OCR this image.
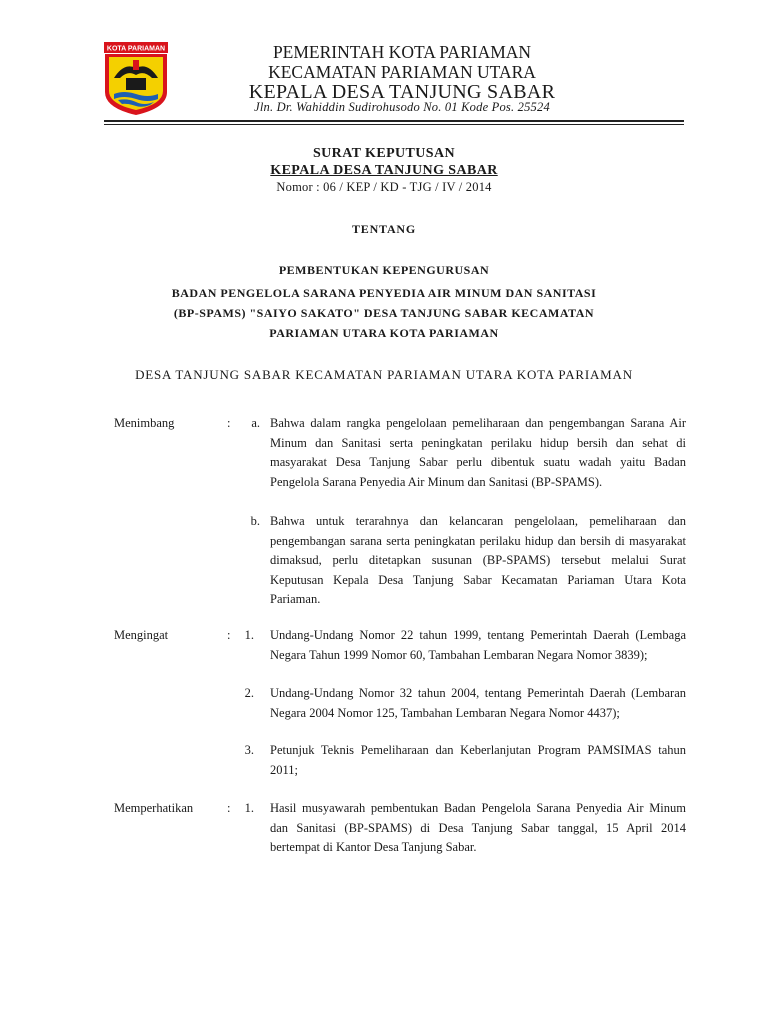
KOTA PARIAMAN	PEMERINTAH KOTA PARIAMAN
KECAMATAN PARIAMAN UTARA
KEPALA DESA TANJUNG SABAR
Jln. Dr. Wahiddin Sudirohusodo No. 01 Kode Pos. 25524
SURAT KEPUTUSAN
KEPALA DESA TANJUNG SABAR
Nomor : 06 / KEP / KD - TJG / IV / 2014
TENTANG
PEMBENTUKAN KEPENGURUSAN
BADAN PENGELOLA SARANA PENYEDIA AIR MINUM DAN SANITASI
(BP-SPAMS) "SAIYO SAKATO" DESA TANJUNG SABAR KECAMATAN
PARIAMAN UTARA KOTA PARIAMAN
DESA TANJUNG SABAR KECAMATAN PARIAMAN UTARA KOTA PARIAMAN
Menimbang	:	a. Bahwa dalam rangka pengelolaan pemeliharaan dan pengembangan Sarana Air Minum dan Sanitasi serta peningkatan perilaku hidup bersih dan sehat di masyarakat Desa Tanjung Sabar perlu dibentuk suatu wadah yaitu Badan Pengelola Sarana Penyedia Air Minum dan Sanitasi (BP-SPAMS).
b. Bahwa untuk terarahnya dan kelancaran pengelolaan, pemeliharaan dan pengembangan sarana serta peningkatan perilaku hidup dan bersih di masyarakat dimaksud, perlu ditetapkan susunan (BP-SPAMS) tersebut melalui Surat Keputusan Kepala Desa Tanjung Sabar Kecamatan Pariaman Utara Kota Pariaman.
Mengingat	:	1. Undang-Undang Nomor 22 tahun 1999, tentang Pemerintah Daerah (Lembaga Negara Tahun 1999 Nomor 60, Tambahan Lembaran Negara Nomor 3839);
2. Undang-Undang Nomor 32 tahun 2004, tentang Pemerintah Daerah (Lembaran Negara 2004 Nomor 125, Tambahan Lembaran Negara Nomor 4437);
3. Petunjuk Teknis Pemeliharaan dan Keberlanjutan Program PAMSIMAS tahun 2011;
Memperhatikan	:	1. Hasil musyawarah pembentukan Badan Pengelola Sarana Penyedia Air Minum dan Sanitasi (BP-SPAMS) di Desa Tanjung Sabar tanggal, 15 April 2014 bertempat di Kantor Desa Tanjung Sabar.
